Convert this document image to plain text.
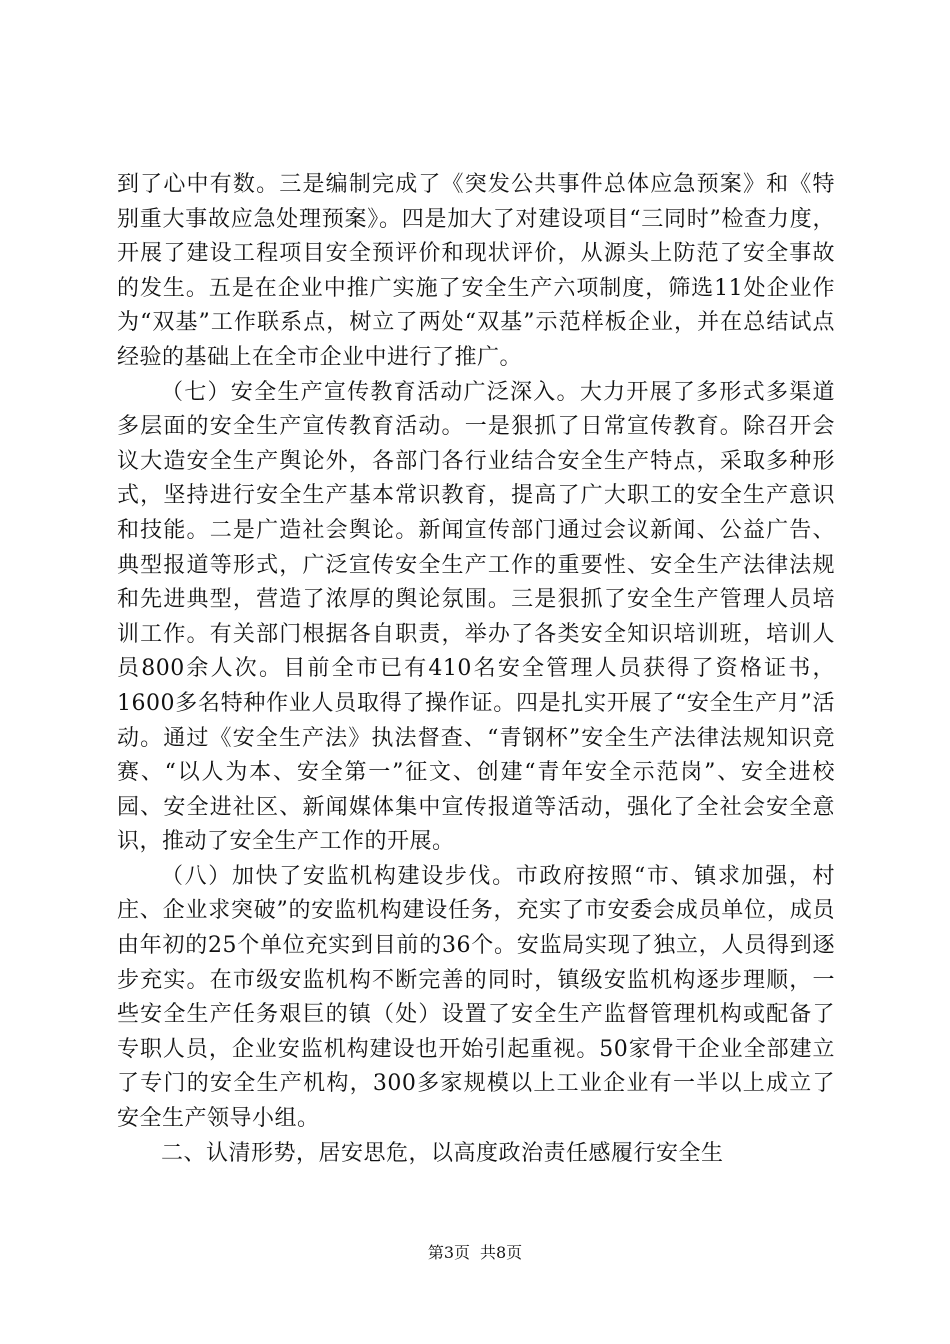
到了心中有数。三是编制完成了《突发公共事件总体应急预案》和《特别重大事故应急处理预案》。四是加大了对建设项目“三同时”检查力度，开展了建设工程项目安全预评价和现状评价，从源头上防范了安全事故的发生。五是在企业中推广实施了安全生产六项制度，筛选11处企业作为“双基”工作联系点，树立了两处“双基”示范样板企业，并在总结试点经验的基础上在全市企业中进行了推广。

（七）安全生产宣传教育活动广泛深入。大力开展了多形式多渠道多层面的安全生产宣传教育活动。一是狠抓了日常宣传教育。除召开会议大造安全生产舆论外，各部门各行业结合安全生产特点，采取多种形式，坚持进行安全生产基本常识教育，提高了广大职工的安全生产意识和技能。二是广造社会舆论。新闻宣传部门通过会议新闻、公益广告、典型报道等形式，广泛宣传安全生产工作的重要性、安全生产法律法规和先进典型，营造了浓厚的舆论氛围。三是狠抓了安全生产管理人员培训工作。有关部门根据各自职责，举办了各类安全知识培训班，培训人员800余人次。目前全市已有410名安全管理人员获得了资格证书，1600多名特种作业人员取得了操作证。四是扎实开展了“安全生产月”活动。通过《安全生产法》执法督查、“青钢杯”安全生产法律法规知识竞赛、“以人为本、安全第一”征文、创建“青年安全示范岗”、安全进校园、安全进社区、新闻媒体集中宣传报道等活动，强化了全社会安全意识，推动了安全生产工作的开展。

（八）加快了安监机构建设步伐。市政府按照“市、镇求加强，村庄、企业求突破”的安监机构建设任务，充实了市安委会成员单位，成员由年初的25个单位充实到目前的36个。安监局实现了独立，人员得到逐步充实。在市级安监机构不断完善的同时，镇级安监机构逐步理顺，一些安全生产任务艰巨的镇（处）设置了安全生产监督管理机构或配备了专职人员，企业安监机构建设也开始引起重视。50家骨干企业全部建立了专门的安全生产机构，300多家规模以上工业企业有一半以上成立了安全生产领导小组。

二、认清形势，居安思危，以高度政治责任感履行安全生

第3页 共8页
